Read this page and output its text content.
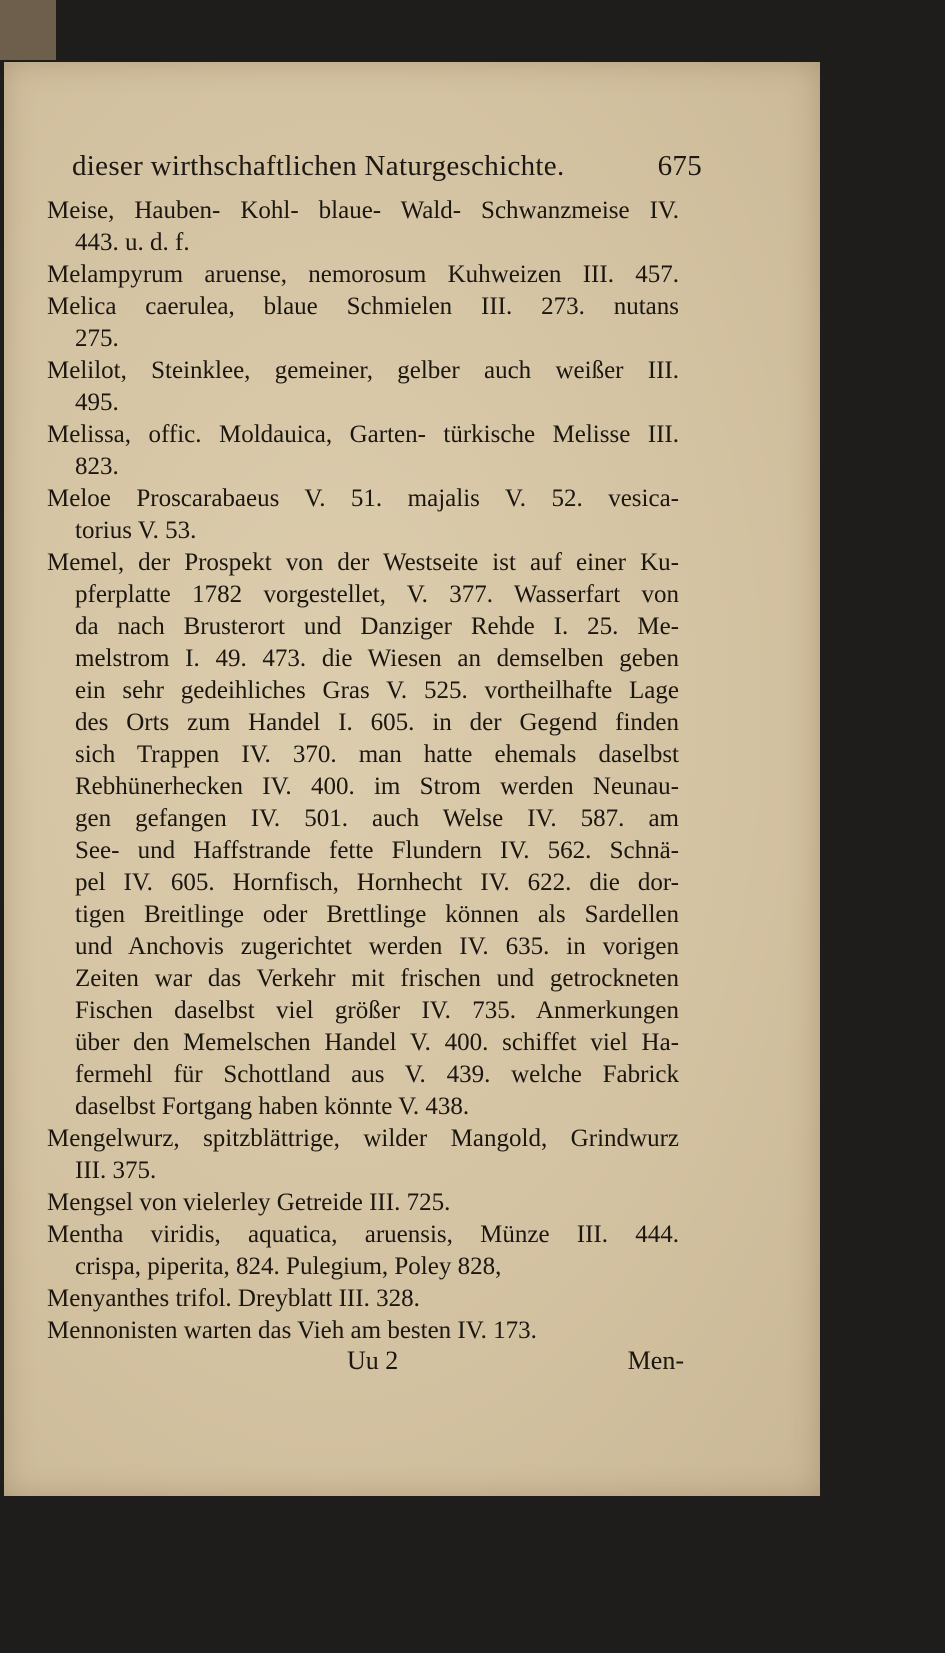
dieser wirthschaftlichen Naturgeschichte.	675
Meise, Hauben- Kohl- blaue- Wald- Schwanzmeise IV.
443. u. d. f.
Melampyrum aruense, nemorosum Kuhweizen III. 457.
Melica caerulea, blaue Schmielen III. 273. nutans
275.
Melilot, Steinklee, gemeiner, gelber auch weißer III.
495.
Melissa, offic. Moldauica, Garten- türkische Melisse III.
823.
Meloe Proscarabaeus V. 51. majalis V. 52. vesica-
torius V. 53.
Memel, der Prospekt von der Westseite ist auf einer Ku-
pferplatte 1782 vorgestellet, V. 377. Wasserfart von
da nach Brusterort und Danziger Rehde I. 25. Me-
melstrom I. 49. 473. die Wiesen an demselben geben
ein sehr gedeihliches Gras V. 525. vortheilhafte Lage
des Orts zum Handel I. 605. in der Gegend finden
sich Trappen IV. 370. man hatte ehemals daselbst
Rebhünerhecken IV. 400. im Strom werden Neunau-
gen gefangen IV. 501. auch Welse IV. 587. am
See- und Haffstrande fette Flundern IV. 562. Schnä-
pel IV. 605. Hornfisch, Hornhecht IV. 622. die dor-
tigen Breitlinge oder Brettlinge können als Sardellen
und Anchovis zugerichtet werden IV. 635. in vorigen
Zeiten war das Verkehr mit frischen und getrockneten
Fischen daselbst viel größer IV. 735. Anmerkungen
über den Memelschen Handel V. 400. schiffet viel Ha-
fermehl für Schottland aus V. 439. welche Fabrick
daselbst Fortgang haben könnte V. 438.
Mengelwurz, spitzblättrige, wilder Mangold, Grindwurz
III. 375.
Mengsel von vielerley Getreide III. 725.
Mentha viridis, aquatica, aruensis, Münze III. 444.
crispa, piperita, 824. Pulegium, Poley 828,
Menyanthes trifol. Dreyblatt III. 328.
Mennonisten warten das Vieh am besten IV. 173.
Uu 2	Men-
